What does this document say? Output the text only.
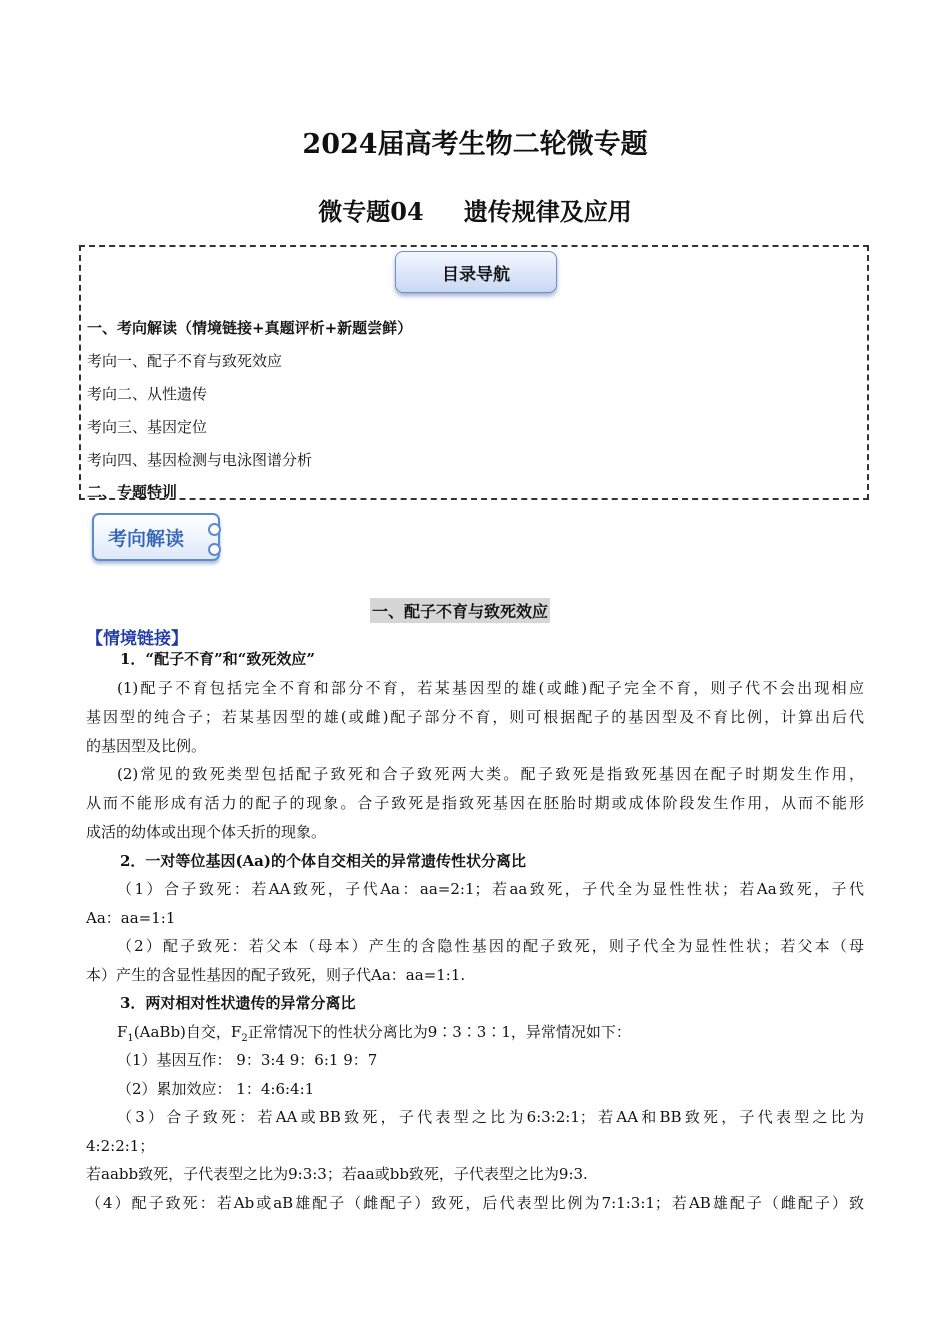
2024届高考生物二轮微专题
微专题04 遗传规律及应用
目录导航
一、考向解读（情境链接+真题评析+新题尝鲜）
考向一、配子不育与致死效应
考向二、从性遗传
考向三、基因定位
考向四、基因检测与电泳图谱分析
二、专题特训
考向解读
一、配子不育与致死效应
【情境链接】
1．“配子不育”和“致死效应”
(1)配子不育包括完全不育和部分不育，若某基因型的雄(或雌)配子完全不育，则子代不会出现相应
基因型的纯合子；若某基因型的雄(或雌)配子部分不育，则可根据配子的基因型及不育比例，计算出后代
的基因型及比例。
(2)常见的致死类型包括配子致死和合子致死两大类。配子致死是指致死基因在配子时期发生作用，
从而不能形成有活力的配子的现象。合子致死是指致死基因在胚胎时期或成体阶段发生作用，从而不能形
成活的幼体或出现个体夭折的现象。
2．一对等位基因(Aa)的个体自交相关的异常遗传性状分离比
（1）合子致死：若AA致死，子代Aa：aa=2:1；若aa致死，子代全为显性性状；若Aa致死，子代
Aa：aa=1:1
（2）配子致死：若父本（母本）产生的含隐性基因的配子致死，则子代全为显性性状；若父本（母
本）产生的含显性基因的配子致死，则子代Aa：aa=1:1.
3．两对相对性状遗传的异常分离比
$F_1(AaBb)$自交，$F_2$正常情况下的性状分离比为9∶3∶3∶1，异常情况如下：
（1）基因互作： 9：3:4 9：6:1 9：7
（2）累加效应： 1：4:6:4:1
（3）合子致死：若AA或BB致死，子代表型之比为6:3:2:1；若AA和BB致死，子代表型之比为
4:2:2:1；
若aabb致死，子代表型之比为9:3:3；若aa或bb致死，子代表型之比为9:3.
（4）配子致死：若Ab或aB雄配子（雌配子）致死，后代表型比例为7:1:3:1；若AB雄配子（雌配子）致
